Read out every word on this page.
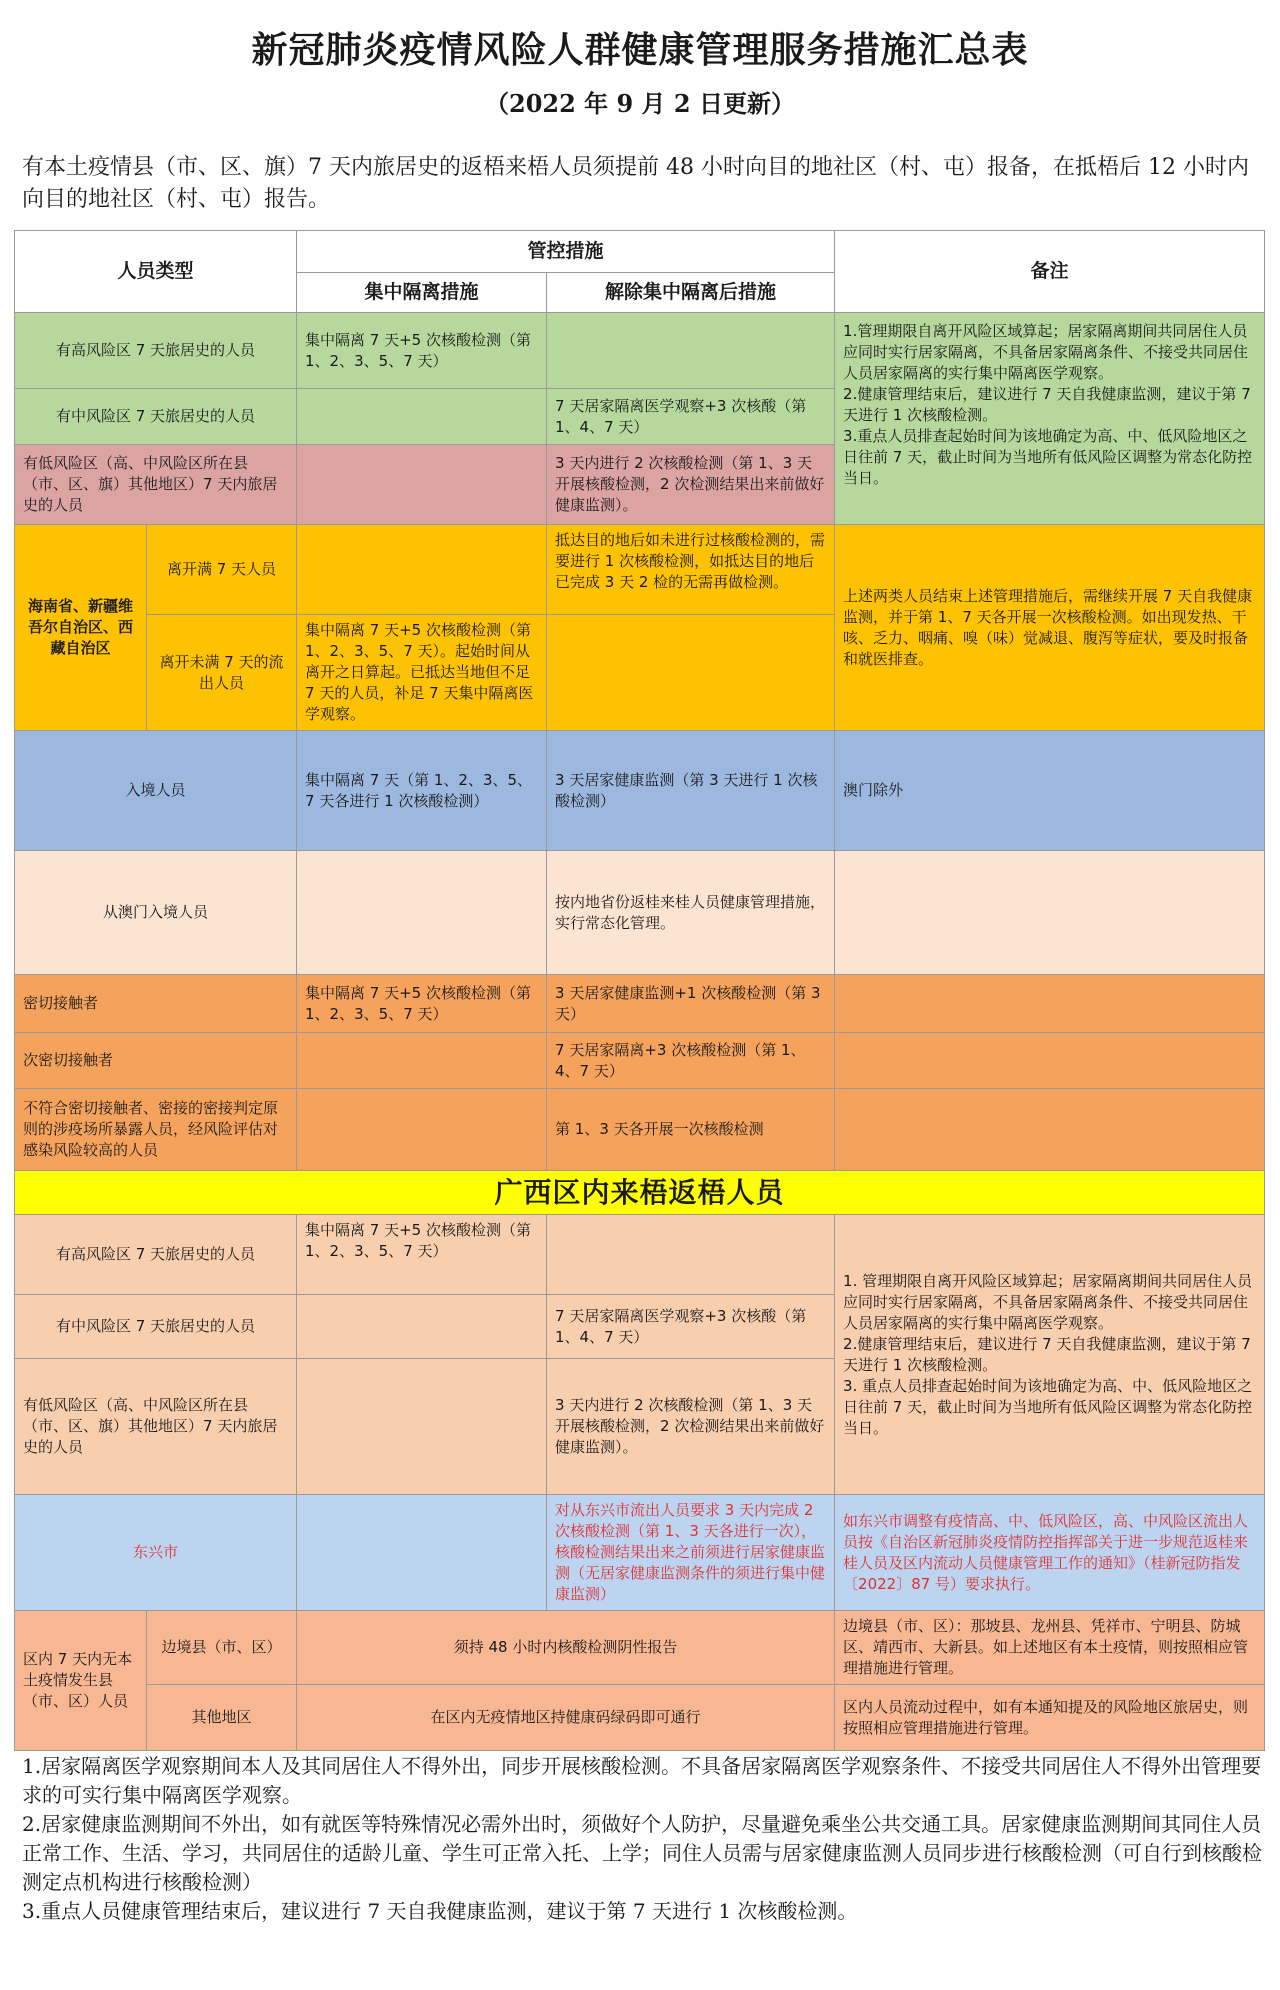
新冠肺炎疫情风险人群健康管理服务措施汇总表
（2022 年 9 月 2 日更新）
有本土疫情县（市、区、旗）7 天内旅居史的返梧来梧人员须提前 48 小时向目的地社区（村、屯）报备，在抵梧后 12 小时内向目的地社区（村、屯）报告。
人员类型		管控措施		备注
		集中隔离措施	解除集中隔离后措施	
有高风险区 7 天旅居史的人员		集中隔离 7 天+5 次核酸检测（第 1、2、3、5、7 天）		1.管理期限自离开风险区域算起；居家隔离期间共同居住人员应同时实行居家隔离，不具备居家隔离条件、不接受共同居住人员居家隔离的实行集中隔离医学观察。
2.健康管理结束后，建议进行 7 天自我健康监测，建议于第 7 天进行 1 次核酸检测。
3.重点人员排查起始时间为该地确定为高、中、低风险地区之日往前 7 天，截止时间为当地所有低风险区调整为常态化防控当日。
有中风险区 7 天旅居史的人员			7 天居家隔离医学观察+3 次核酸（第 1、4、7 天）	
有低风险区（高、中风险区所在县（市、区、旗）其他地区）7 天内旅居史的人员			3 天内进行 2 次核酸检测（第 1、3 天开展核酸检测，2 次检测结果出来前做好健康监测）。	
海南省、新疆维吾尔自治区、西藏自治区	离开满 7 天人员		抵达目的地后如未进行过核酸检测的，需要进行 1 次核酸检测，如抵达目的地后已完成 3 天 2 检的无需再做检测。	上述两类人员结束上述管理措施后，需继续开展 7 天自我健康监测，并于第 1、7 天各开展一次核酸检测。如出现发热、干咳、乏力、咽痛、嗅（味）觉减退、腹泻等症状，要及时报备和就医排查。
	离开未满 7 天的流出人员	集中隔离 7 天+5 次核酸检测（第 1、2、3、5、7 天）。起始时间从离开之日算起。已抵达当地但不足 7 天的人员，补足 7 天集中隔离医学观察。		
入境人员		集中隔离 7 天（第 1、2、3、5、7 天各进行 1 次核酸检测）	3 天居家健康监测（第 3 天进行 1 次核酸检测）	澳门除外
从澳门入境人员			按内地省份返桂来桂人员健康管理措施，实行常态化管理。	
密切接触者		集中隔离 7 天+5 次核酸检测（第 1、2、3、5、7 天）	3 天居家健康监测+1 次核酸检测（第 3 天）	
次密切接触者			7 天居家隔离+3 次核酸检测（第 1、4、7 天）	
不符合密切接触者、密接的密接判定原则的涉疫场所暴露人员，经风险评估对感染风险较高的人员			第 1、3 天各开展一次核酸检测	
广西区内来梧返梧人员				
有高风险区 7 天旅居史的人员		集中隔离 7 天+5 次核酸检测（第 1、2、3、5、7 天）		1. 管理期限自离开风险区域算起；居家隔离期间共同居住人员应同时实行居家隔离，不具备居家隔离条件、不接受共同居住人员居家隔离的实行集中隔离医学观察。
2.健康管理结束后，建议进行 7 天自我健康监测，建议于第 7 天进行 1 次核酸检测。
3. 重点人员排查起始时间为该地确定为高、中、低风险地区之日往前 7 天，截止时间为当地所有低风险区调整为常态化防控当日。
有中风险区 7 天旅居史的人员			7 天居家隔离医学观察+3 次核酸（第 1、4、7 天）	
有低风险区（高、中风险区所在县（市、区、旗）其他地区）7 天内旅居史的人员			3 天内进行 2 次核酸检测（第 1、3 天开展核酸检测，2 次检测结果出来前做好健康监测）。	
东兴市			对从东兴市流出人员要求 3 天内完成 2 次核酸检测（第 1、3 天各进行一次），核酸检测结果出来之前须进行居家健康监测（无居家健康监测条件的须进行集中健康监测）	如东兴市调整有疫情高、中、低风险区，高、中风险区流出人员按《自治区新冠肺炎疫情防控指挥部关于进一步规范返桂来桂人员及区内流动人员健康管理工作的通知》（桂新冠防指发〔2022〕87 号）要求执行。
区内 7 天内无本土疫情发生县（市、区）人员	边境县（市、区）	须持 48 小时内核酸检测阴性报告		边境县（市、区）：那坡县、龙州县、凭祥市、宁明县、防城区、靖西市、大新县。如上述地区有本土疫情，则按照相应管理措施进行管理。
	其他地区	在区内无疫情地区持健康码绿码即可通行		区内人员流动过程中，如有本通知提及的风险地区旅居史，则按照相应管理措施进行管理。

1.居家隔离医学观察期间本人及其同居住人不得外出，同步开展核酸检测。不具备居家隔离医学观察条件、不接受共同居住人不得外出管理要求的可实行集中隔离医学观察。

2.居家健康监测期间不外出，如有就医等特殊情况必需外出时，须做好个人防护，尽量避免乘坐公共交通工具。居家健康监测期间其同住人员正常工作、生活、学习，共同居住的适龄儿童、学生可正常入托、上学；同住人员需与居家健康监测人员同步进行核酸检测（可自行到核酸检测定点机构进行核酸检测）

3.重点人员健康管理结束后，建议进行 7 天自我健康监测，建议于第 7 天进行 1 次核酸检测。
